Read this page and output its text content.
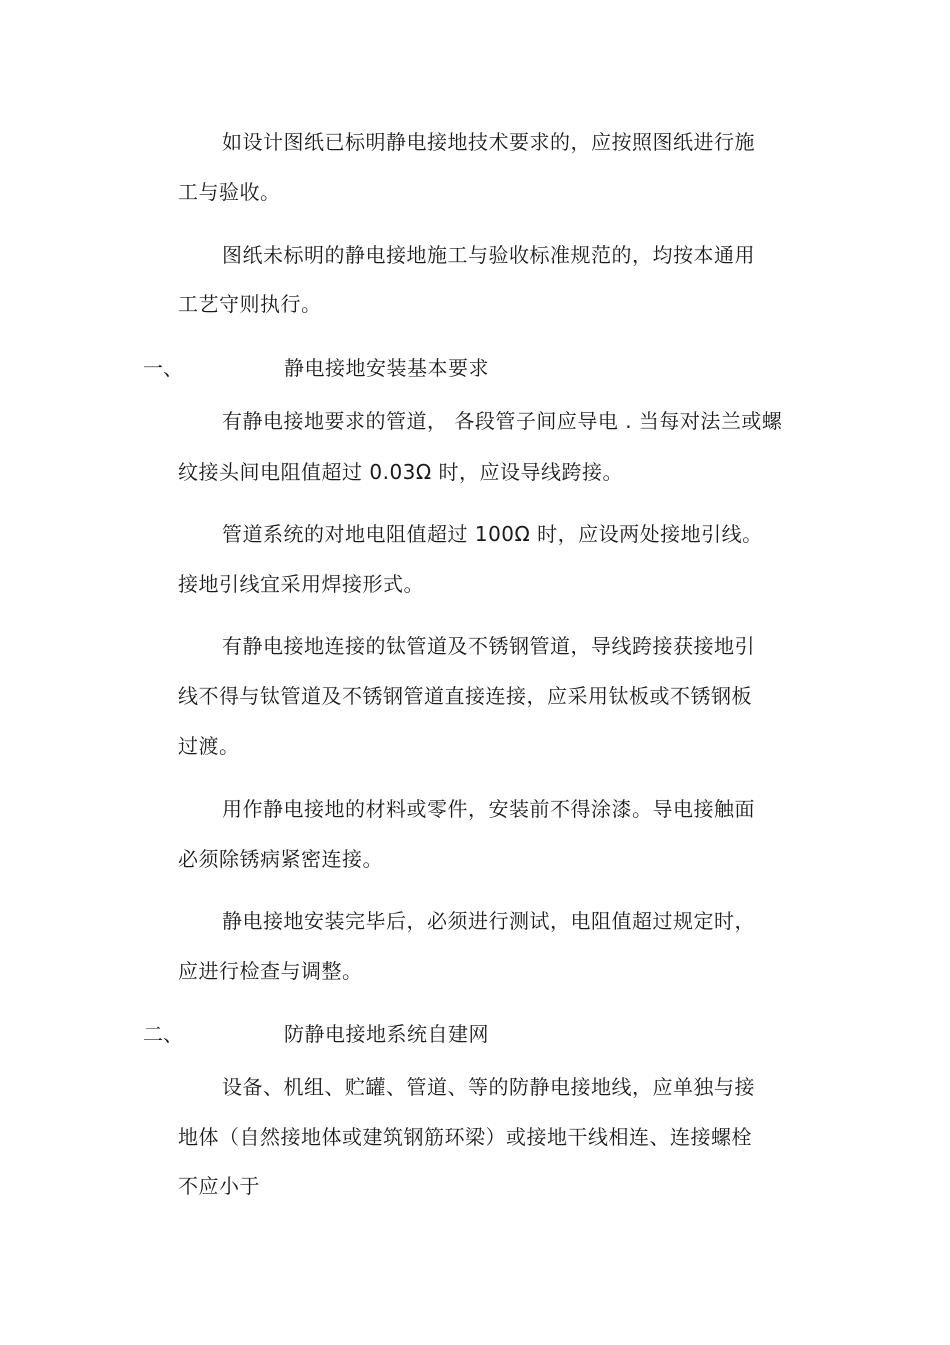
如设计图纸已标明静电接地技术要求的，应按照图纸进行施
工与验收。
图纸未标明的静电接地施工与验收标准规范的，均按本通用
工艺守则执行。
一、	静电接地安装基本要求
有静电接地要求的管道， 各段管子间应导电 . 当每对法兰或螺
纹接头间电阻值超过 0.03Ω 时，应设导线跨接。
管道系统的对地电阻值超过 100Ω 时，应设两处接地引线。
接地引线宜采用焊接形式。
有静电接地连接的钛管道及不锈钢管道，导线跨接获接地引
线不得与钛管道及不锈钢管道直接连接，应采用钛板或不锈钢板
过渡。
用作静电接地的材料或零件，安装前不得涂漆。导电接触面
必须除锈病紧密连接。
静电接地安装完毕后，必须进行测试，电阻值超过规定时，
应进行检查与调整。
二、	防静电接地系统自建网
设备、机组、贮罐、管道、等的防静电接地线，应单独与接
地体（自然接地体或建筑钢筋环梁）或接地干线相连、连接螺栓
不应小于
